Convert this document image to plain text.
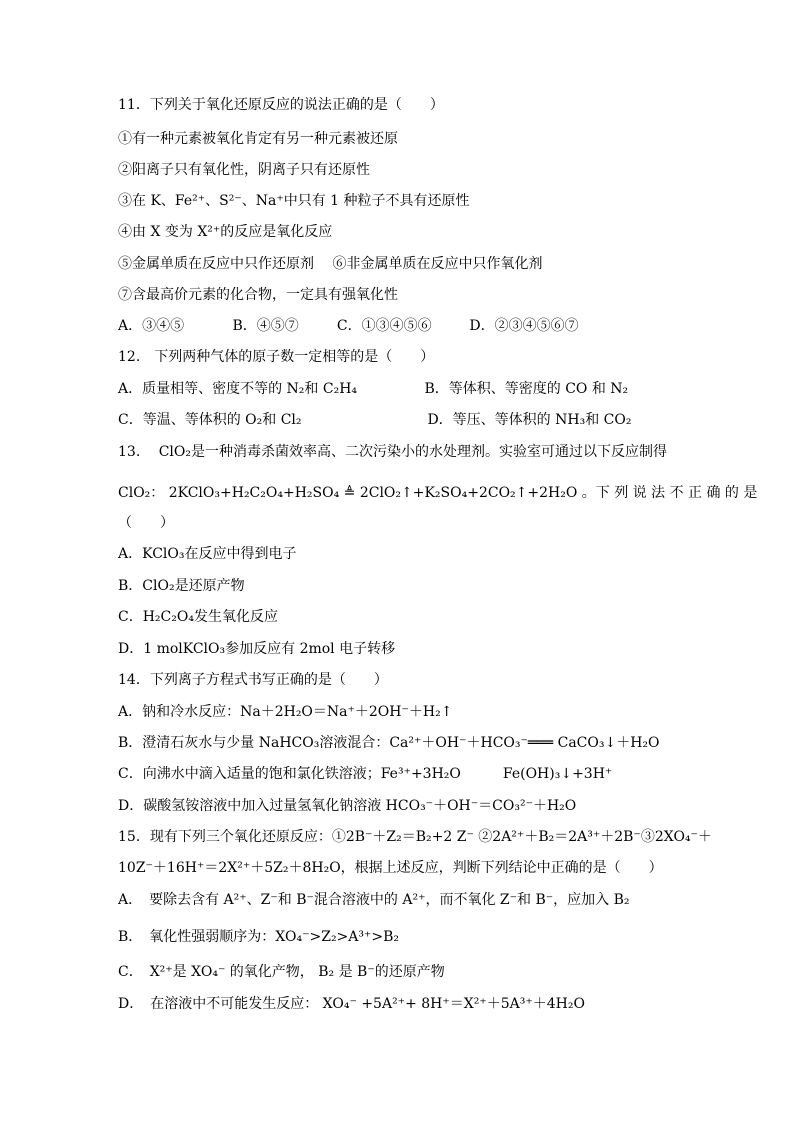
11．下列关于氧化还原反应的说法正确的是（　　）
①有一种元素被氧化肯定有另一种元素被还原
②阳离子只有氧化性，阴离子只有还原性
③在 K、Fe²⁺、S²⁻、Na⁺中只有 1 种粒子不具有还原性
④由 X 变为 X²⁺的反应是氧化反应
⑤金属单质在反应中只作还原剂　 ⑥非金属单质在反应中只作氧化剂
⑦含最高价元素的化合物，一定具有强氧化性
A．③④⑤	B．④⑤⑦	C．①③④⑤⑥	D．②③④⑤⑥⑦
12.　下列两种气体的原子数一定相等的是（　　）
A．质量相等、密度不等的 N₂和 C₂H₄	B．等体积、等密度的 CO 和 N₂
C．等温、等体积的 O₂和 Cl₂	D．等压、等体积的 NH₃和 CO₂
13.　 ClO₂是一种消毒杀菌效率高、二次污染小的水处理剂。实验室可通过以下反应制得
ClO₂： 2KClO₃+H₂C₂O₄+H₂SO₄ ≜ 2ClO₂↑+K₂SO₄+2CO₂↑+2H₂O 。下 列 说 法 不 正 确 的 是
（　　）
A．KClO₃在反应中得到电子
B．ClO₂是还原产物
C．H₂C₂O₄发生氧化反应
D．1 molKClO₃参加反应有 2mol 电子转移
14．下列离子方程式书写正确的是（　　）
A．钠和冷水反应：Na＋2H₂O＝Na⁺＋2OH⁻＋H₂↑
B．澄清石灰水与少量 NaHCO₃溶液混合：Ca²⁺＋OH⁻＋HCO₃⁻═══ CaCO₃↓＋H₂O
C．向沸水中滴入适量的饱和氯化铁溶液；Fe³⁺+3H₂O　　　Fe(OH)₃↓+3H⁺
D．碳酸氢铵溶液中加入过量氢氧化钠溶液 HCO₃⁻＋OH⁻＝CO₃²⁻＋H₂O
15．现有下列三个氧化还原反应：①2B⁻＋Z₂＝B₂+2 Z⁻ ②2A²⁺＋B₂＝2A³⁺＋2B⁻③2XO₄⁻＋
10Z⁻＋16H⁺＝2X²⁺＋5Z₂＋8H₂O，根据上述反应，判断下列结论中正确的是（　　）
A．　要除去含有 A²⁺、Z⁻和 B⁻混合溶液中的 A²⁺，而不氧化 Z⁻和 B⁻，应加入 B₂
B．　氧化性强弱顺序为：XO₄⁻>Z₂>A³⁺>B₂
C．　X²⁺是 XO₄⁻ 的氧化产物， B₂ 是 B⁻的还原产物
D．　在溶液中不可能发生反应： XO₄⁻ +5A²⁺+ 8H⁺＝X²⁺＋5A³⁺＋4H₂O
